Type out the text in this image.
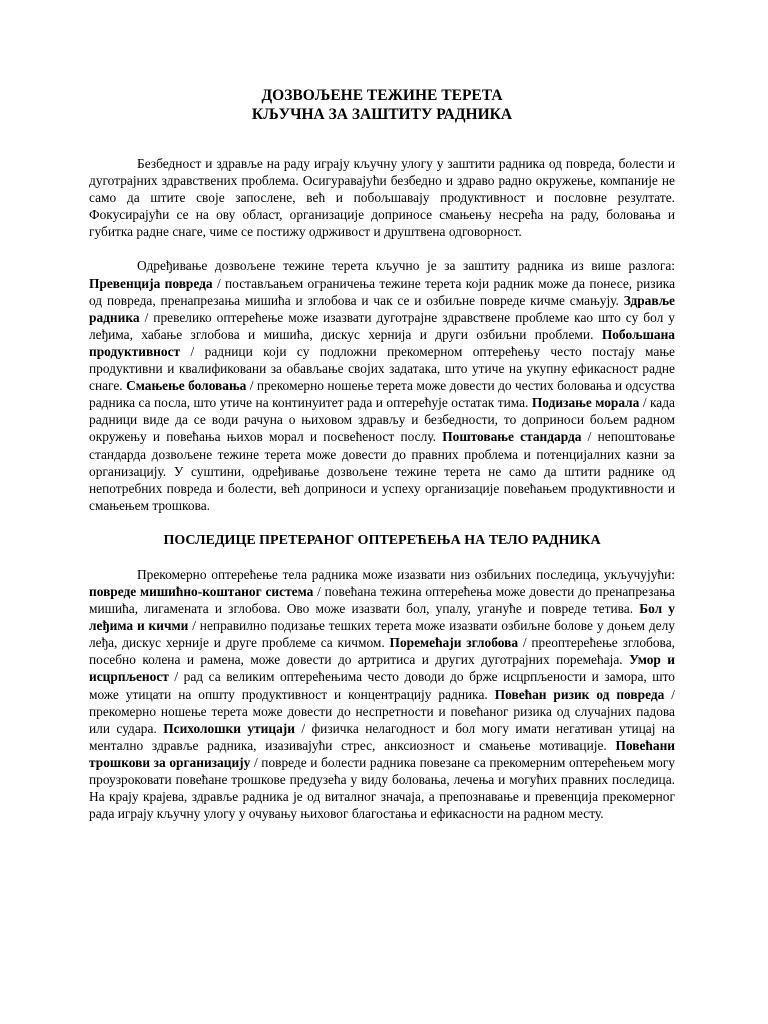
ДОЗВОЉЕНЕ ТЕЖИНЕ ТЕРЕТА
КЉУЧНА ЗА ЗАШТИТУ РАДНИКА

Безбедност и здравље на раду играју кључну улогу у заштити радника од повреда, болести и дуготрајних здравствених проблема. Осигуравајући безбедно и здраво радно окружење, компаније не само да штите своје запослене, већ и побољшавају продуктивност и пословне резултате. Фокусирајући се на ову област, организације доприносе смањењу несрећа на раду, боловања и губитка радне снаге, чиме се постижу одрживост и друштвена одговорност.

Одређивање дозвољене тежине терета кључно је за заштиту радника из више разлога: Превенција повреда / постављањем ограничења тежине терета који радник може да понесе, ризика од повреда, пренапрезања мишића и зглобова и чак се и озбиљне повреде кичме смањују. Здравље радника / превелико оптерећење може изазвати дуготрајне здравствене проблеме као што су бол у леђима, хабање зглобова и мишића, дискус хернија и други озбиљни проблеми. Побољшана продуктивност / радници који су подложни прекомерном оптерећењу често постају мање продуктивни и квалификовани за обављање својих задатака, што утиче на укупну ефикасност радне снаге. Смањење боловања / прекомерно ношење терета може довести до честих боловања и одсуства радника са посла, што утиче на континуитет рада и оптерећује остатак тима. Подизање морала / када радници виде да се води рачуна о њиховом здрављу и безбедности, то доприноси бољем радном окружењу и повећања њихов морал и посвећеност послу. Поштовање стандарда / непоштовање стандарда дозвољене тежине терета може довести до правних проблема и потенцијалних казни за организацију. У суштини, одређивање дозвољене тежине терета не само да штити раднике од непотребних повреда и болести, већ доприноси и успеху организације повећањем продуктивности и смањењем трошкова.

ПОСЛЕДИЦЕ ПРЕТЕРАНОГ ОПТЕРЕЋЕЊА НА ТЕЛО РАДНИКА

Прекомерно оптерећење тела радника може изазвати низ озбиљних последица, укључујући: повреде мишићно-коштаног система / повећана тежина оптерећења може довести до пренапрезања мишића, лигамената и зглобова. Ово може изазвати бол, упалу, угануће и повреде тетива. Бол у леђима и кичми / неправилно подизање тешких терета може изазвати озбиљне болове у доњем делу леђа, дискус херније и друге проблеме са кичмом. Поремећаји зглобова / преоптерећење зглобова, посебно колена и рамена, може довести до артритиса и других дуготрајних поремећаја. Умор и исцрпљеност / рад са великим оптерећењима често доводи до брже исцрпљености и замора, што може утицати на општу продуктивност и концентрацију радника. Повећан ризик од повреда / прекомерно ношење терета може довести до неспретности и повећаног ризика од случајних падова или судара. Психолошки утицаји / физичка нелагодност и бол могу имати негативан утицај на ментално здравље радника, изазивајући стрес, анксиозност и смањење мотивације. Повећани трошкови за организацију / повреде и болести радника повезане са прекомерним оптерећењем могу проузроковати повећане трошкове предузећа у виду боловања, лечења и могућих правних последица. На крају крајева, здравље радника је од виталног значаја, а препознавање и превенција прекомерног рада играју кључну улогу у очувању њиховог благостања и ефикасности на радном месту.
